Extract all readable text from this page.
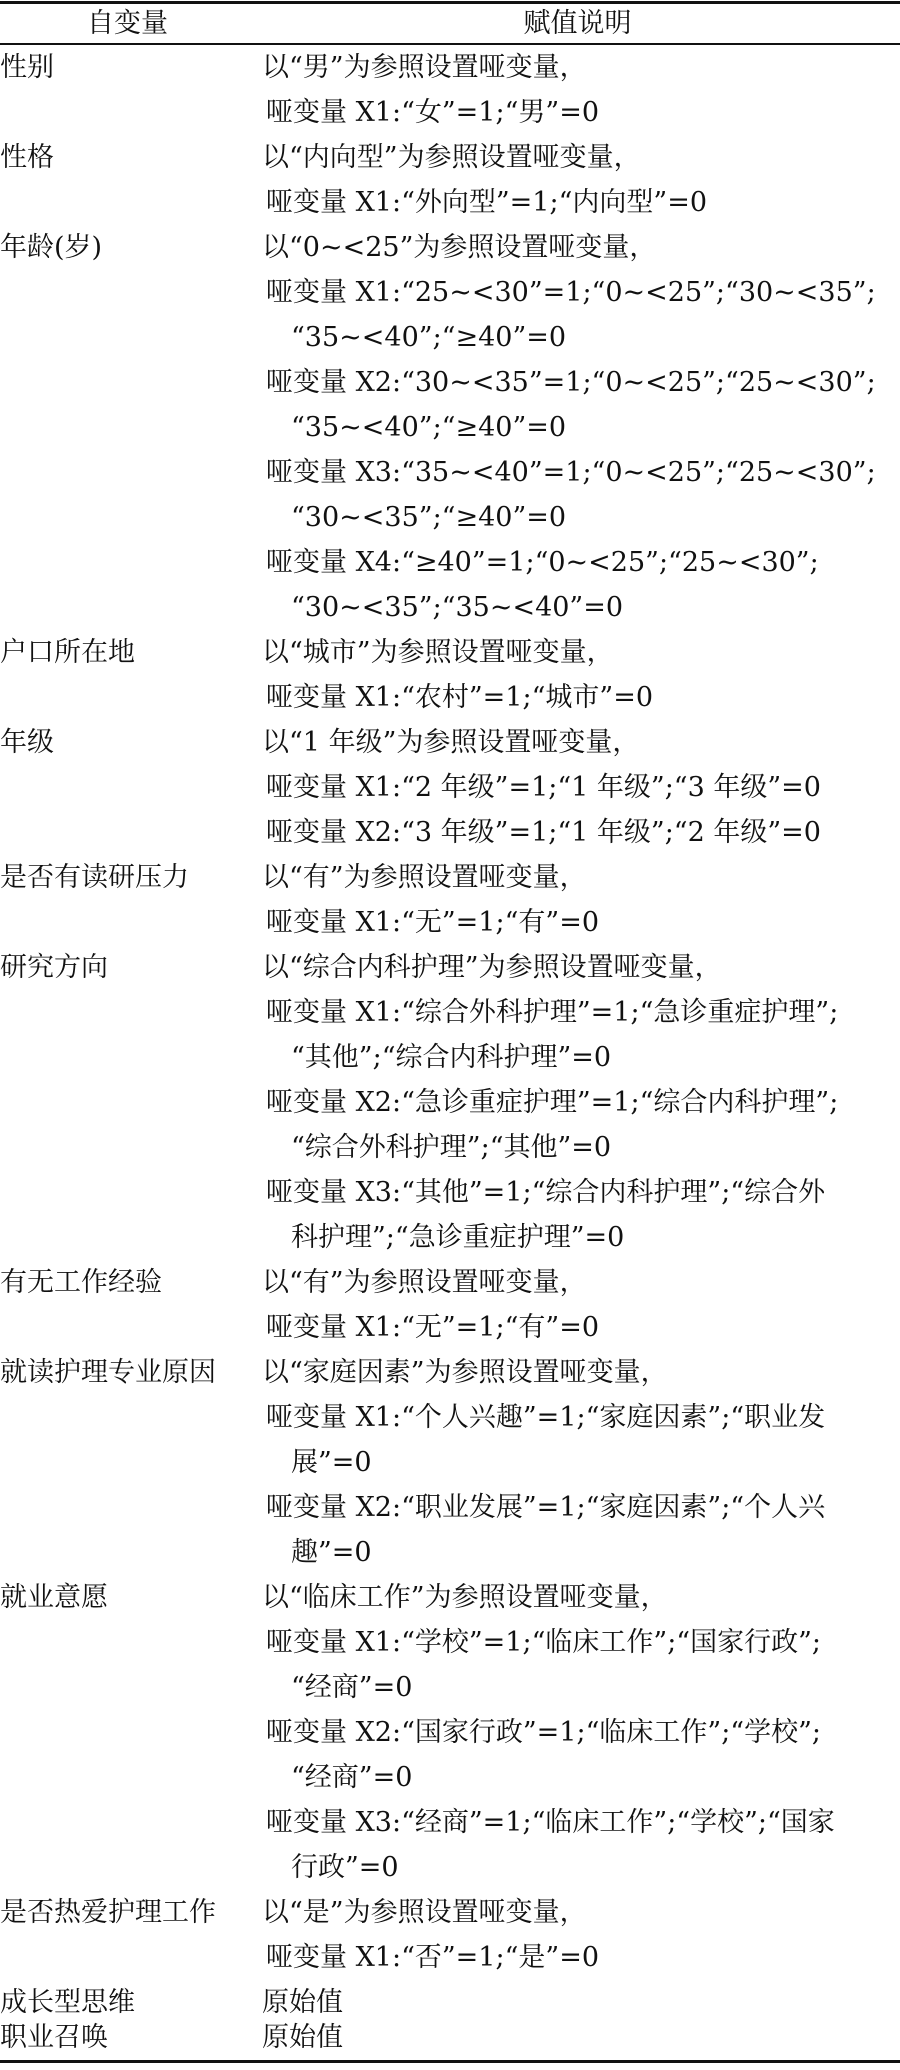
自变量	赋值说明
性别	以“男”为参照设置哑变量，
哑变量 X1:“女”=1;“男”=0
性格	以“内向型”为参照设置哑变量，
哑变量 X1:“外向型”=1;“内向型”=0
年龄(岁)	以“0~<25”为参照设置哑变量，
哑变量 X1:“25~<30”=1;“0~<25”;“30~<35”;
“35~<40”;“≥40”=0
哑变量 X2:“30~<35”=1;“0~<25”;“25~<30”;
“35~<40”;“≥40”=0
哑变量 X3:“35~<40”=1;“0~<25”;“25~<30”;
“30~<35”;“≥40”=0
哑变量 X4:“≥40”=1;“0~<25”;“25~<30”;
“30~<35”;“35~<40”=0
户口所在地	以“城市”为参照设置哑变量，
哑变量 X1:“农村”=1;“城市”=0
年级	以“1 年级”为参照设置哑变量，
哑变量 X1:“2 年级”=1;“1 年级”;“3 年级”=0
哑变量 X2:“3 年级”=1;“1 年级”;“2 年级”=0
是否有读研压力	以“有”为参照设置哑变量，
哑变量 X1:“无”=1;“有”=0
研究方向	以“综合内科护理”为参照设置哑变量，
哑变量 X1:“综合外科护理”=1;“急诊重症护理”;
“其他”;“综合内科护理”=0
哑变量 X2:“急诊重症护理”=1;“综合内科护理”;
“综合外科护理”;“其他”=0
哑变量 X3:“其他”=1;“综合内科护理”;“综合外
科护理”;“急诊重症护理”=0
有无工作经验	以“有”为参照设置哑变量，
哑变量 X1:“无”=1;“有”=0
就读护理专业原因 以“家庭因素”为参照设置哑变量，
哑变量 X1:“个人兴趣”=1;“家庭因素”;“职业发
展”=0
哑变量 X2:“职业发展”=1;“家庭因素”;“个人兴
趣”=0
就业意愿	以“临床工作”为参照设置哑变量，
哑变量 X1:“学校”=1;“临床工作”;“国家行政”;
“经商”=0
哑变量 X2:“国家行政”=1;“临床工作”;“学校”;
“经商”=0
哑变量 X3:“经商”=1;“临床工作”;“学校”;“国家
行政”=0
是否热爱护理工作 以“是”为参照设置哑变量，
哑变量 X1:“否”=1;“是”=0
成长型思维	原始值
职业召唤	原始值
